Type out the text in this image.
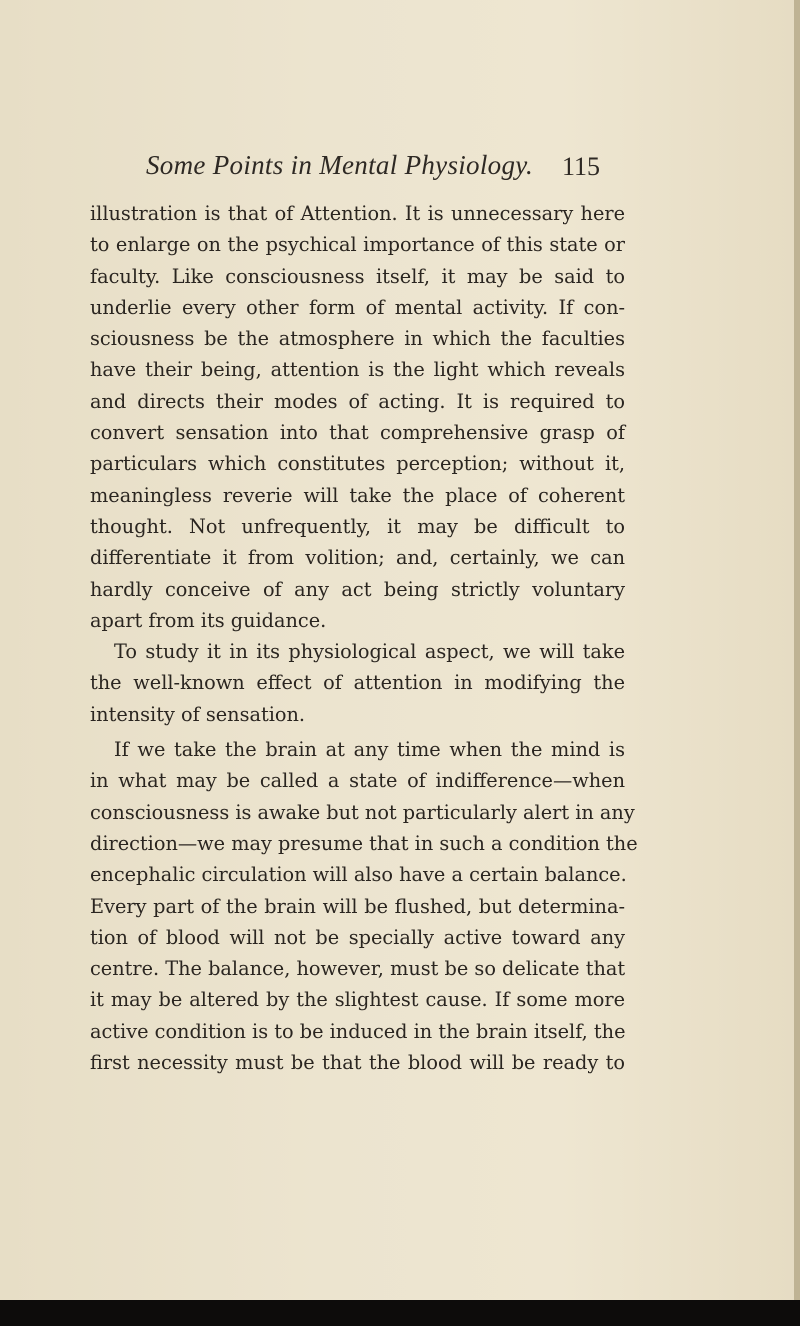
Some Points in Mental Physiology.	115
illustration is that of Attention. It is unnecessary here
to enlarge on the psychical importance of this state or
faculty. Like consciousness itself, it may be said to
underlie every other form of mental activity. If con-
sciousness be the atmosphere in which the faculties
have their being, attention is the light which reveals
and directs their modes of acting. It is required to
convert sensation into that comprehensive grasp of
particulars which constitutes perception; without it,
meaningless reverie will take the place of coherent
thought. Not unfrequently, it may be difficult to
differentiate it from volition; and, certainly, we can
hardly conceive of any act being strictly voluntary
apart from its guidance.
To study it in its physiological aspect, we will take
the well-known effect of attention in modifying the
intensity of sensation.
If we take the brain at any time when the mind is
in what may be called a state of indifference—when
consciousness is awake but not particularly alert in any
direction—we may presume that in such a condition the
encephalic circulation will also have a certain balance.
Every part of the brain will be flushed, but determina-
tion of blood will not be specially active toward any
centre. The balance, however, must be so delicate that
it may be altered by the slightest cause. If some more
active condition is to be induced in the brain itself, the
first necessity must be that the blood will be ready to
